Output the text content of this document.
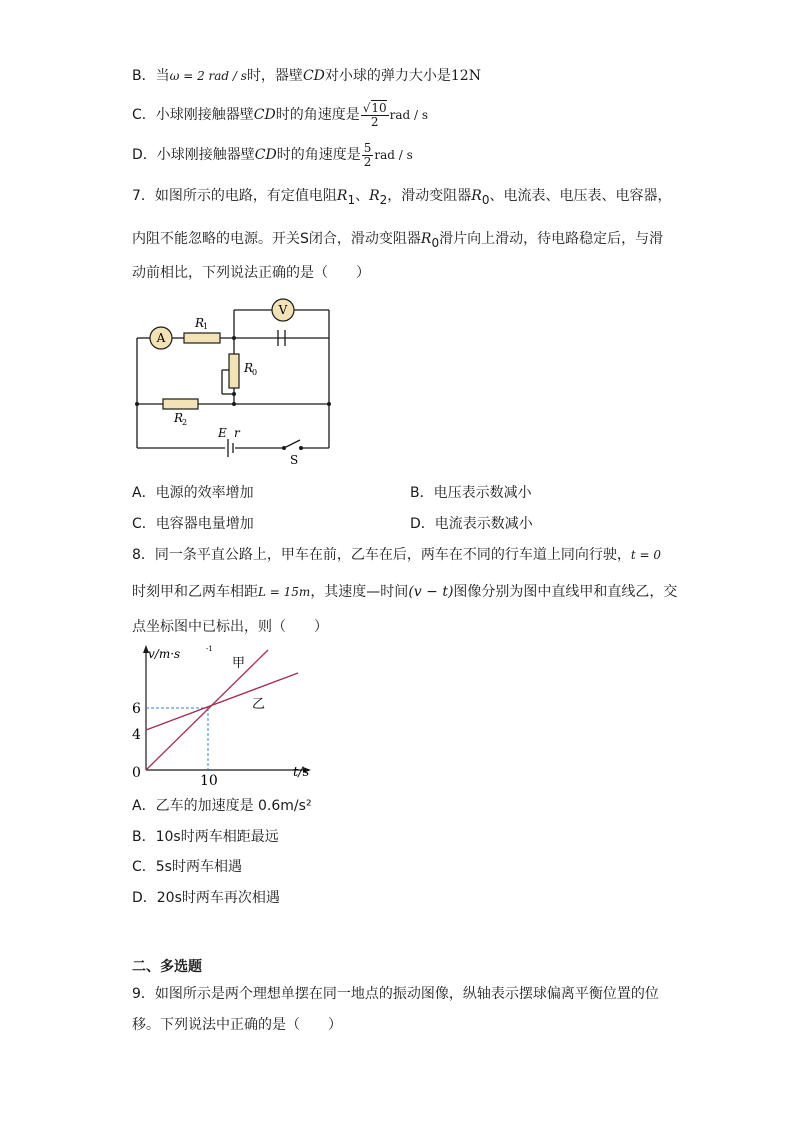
B．当ω = 2 rad / s时，器壁CD对小球的弹力大小是12N
C．小球刚接触器壁CD时的角速度是 $\frac{√10}{2}$ rad / s
D．小球刚接触器壁CD时的角速度是 $\frac{5}{2}$ rad / s
7．如图所示的电路，有定值电阻$R_1$、$R_2$，滑动变阻器$R_0$、电流表、电压表、电容器，
内阻不能忽略的电源。开关S闭合，滑动变阻器$R_0$滑片向上滑动，待电路稳定后，与滑
动前相比，下列说法正确的是（　　）
A
V
R
1
R
0
R
2
E r
S
A．电源的效率增加	B．电压表示数减小
C．电容器电量增加	D．电流表示数减小
8．同一条平直公路上，甲车在前，乙车在后，两车在不同的行车道上同向行驶，t = 0
时刻甲和乙两车相距L = 15m，其速度—时间(v − t)图像分别为图中直线甲和直线乙，交
点坐标图中已标出，则（　　）
v/m·s	-1
t/s
6
4
0	10
甲
乙
A．乙车的加速度是 0.6m/s²
B．10s时两车相距最远
C．5s时两车相遇
D．20s时两车再次相遇
二、多选题
9．如图所示是两个理想单摆在同一地点的振动图像，纵轴表示摆球偏离平衡位置的位
移。下列说法中正确的是（　　）
